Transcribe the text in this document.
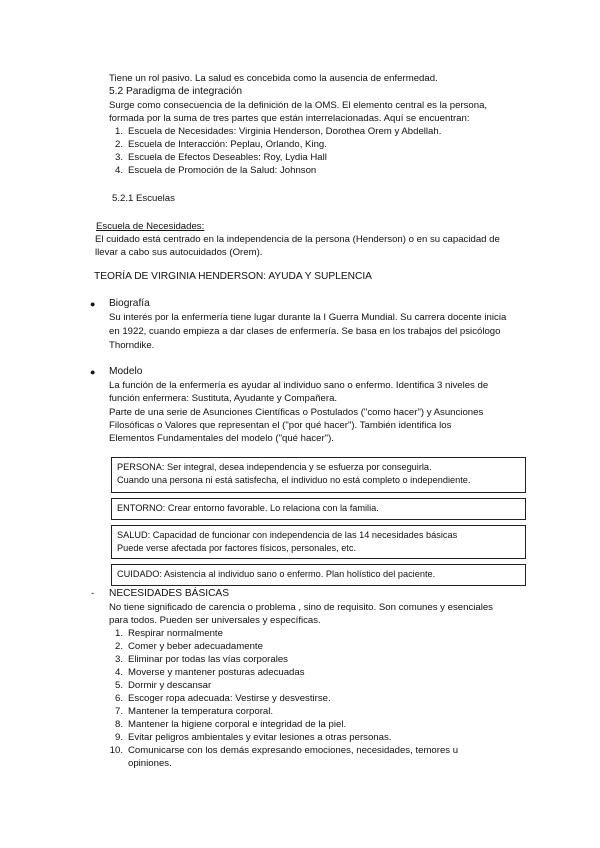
Tiene un rol pasivo. La salud es concebida como la ausencia de enfermedad.
5.2 Paradigma de integración
Surge como consecuencia de la definición de la OMS. El elemento central es la persona,
formada por la suma de tres partes que están interrelacionadas. Aquí se encuentran:
1. Escuela de Necesidades: Virginia Henderson, Dorothea Orem y Abdellah.
2. Escuela de Interacción: Peplau, Orlando, King.
3. Escuela de Efectos Deseables: Roy, Lydia Hall
4. Escuela de Promoción de la Salud: Johnson
5.2.1 Escuelas
Escuela de Necesidades:
El cuidado está centrado en la independencia de la persona (Henderson) o en su capacidad de
llevar a cabo sus autocuidados (Orem).
TEORÍA DE VIRGINIA HENDERSON: AYUDA Y SUPLENCIA
● Biografía
Su interés por la enfermería tiene lugar durante la I Guerra Mundial. Su carrera docente inicia
en 1922, cuando empieza a dar clases de enfermería. Se basa en los trabajos del psicólogo
Thorndike.
● Modelo
La función de la enfermería es ayudar al individuo sano o enfermo. Identifica 3 niveles de
función enfermera: Sustituta, Ayudante y Compañera.
Parte de una serie de Asunciones Científicas o Postulados ("como hacer") y Asunciones
Filosóficas o Valores que representan el ("por qué hacer"). También identifica los
Elementos Fundamentales del modelo ("qué hacer").
PERSONA: Ser integral, desea independencia y se esfuerza por conseguirla.
Cuando una persona ni está satisfecha, el individuo no está completo o independiente.
ENTORNO: Crear entorno favorable. Lo relaciona con la familia.
SALUD: Capacidad de funcionar con independencia de las 14 necesidades básicas
Puede verse afectada por factores físicos, personales, etc.
CUIDADO: Asistencia al individuo sano o enfermo. Plan holístico del paciente.
- NECESIDADES BÁSICAS
No tiene significado de carencia o problema , sino de requisito. Son comunes y esenciales
para todos. Pueden ser universales y específicas.
1. Respirar normalmente
2. Comer y beber adecuadamente
3. Eliminar por todas las vías corporales
4. Moverse y mantener posturas adecuadas
5. Dormir y descansar
6. Escoger ropa adecuada: Vestirse y desvestirse.
7. Mantener la temperatura corporal.
8. Mantener la higiene corporal e integridad de la piel.
9. Evitar peligros ambientales y evitar lesiones a otras personas.
10. Comunicarse con los demás expresando emociones, necesidades, temores u
opiniones.
